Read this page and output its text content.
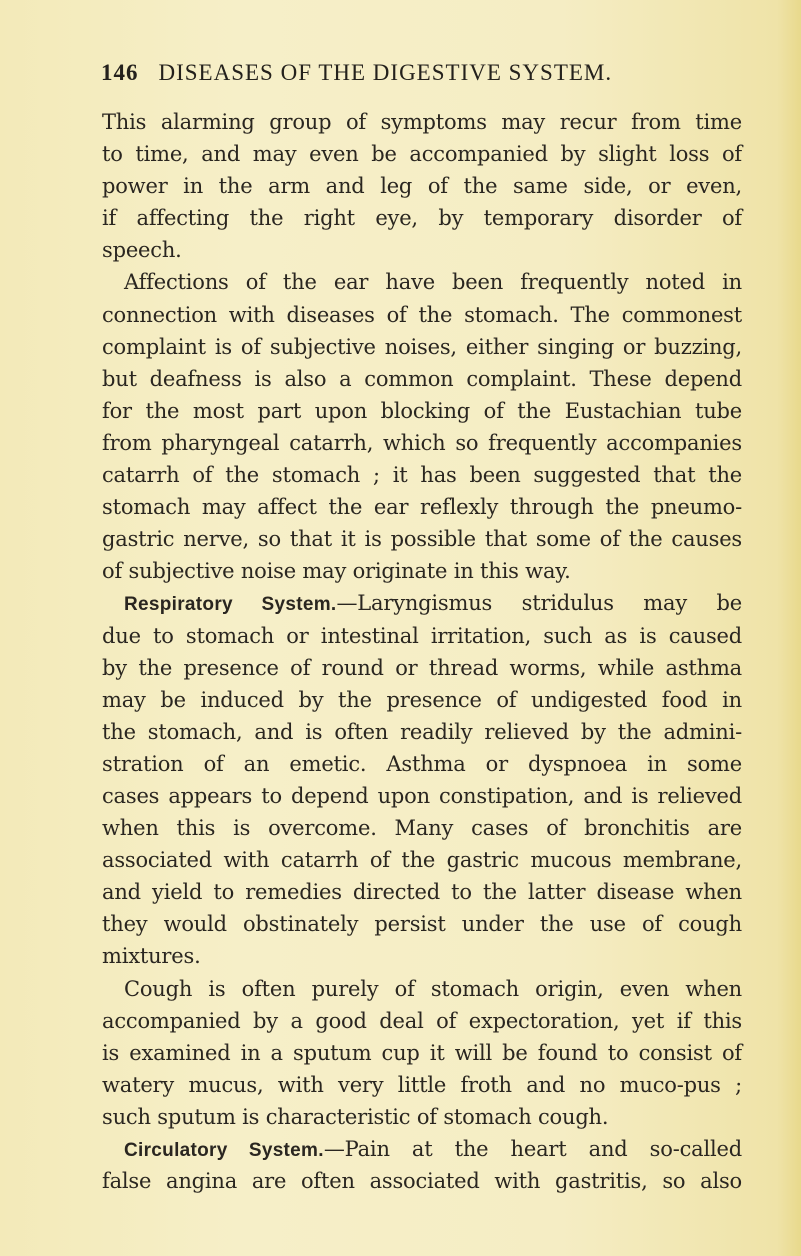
146 DISEASES OF THE DIGESTIVE SYSTEM.
This alarming group of symptoms may recur from time
to time, and may even be accompanied by slight loss of
power in the arm and leg of the same side, or even,
if affecting the right eye, by temporary disorder of
speech.
Affections of the ear have been frequently noted in
connection with diseases of the stomach. The commonest
complaint is of subjective noises, either singing or buzzing,
but deafness is also a common complaint. These depend
for the most part upon blocking of the Eustachian tube
from pharyngeal catarrh, which so frequently accompanies
catarrh of the stomach ; it has been suggested that the
stomach may affect the ear reflexly through the pneumo-
gastric nerve, so that it is possible that some of the causes
of subjective noise may originate in this way.
Respiratory System.—Laryngismus stridulus may be
due to stomach or intestinal irritation, such as is caused
by the presence of round or thread worms, while asthma
may be induced by the presence of undigested food in
the stomach, and is often readily relieved by the admini-
stration of an emetic. Asthma or dyspnoea in some
cases appears to depend upon constipation, and is relieved
when this is overcome. Many cases of bronchitis are
associated with catarrh of the gastric mucous membrane,
and yield to remedies directed to the latter disease when
they would obstinately persist under the use of cough
mixtures.
Cough is often purely of stomach origin, even when
accompanied by a good deal of expectoration, yet if this
is examined in a sputum cup it will be found to consist of
watery mucus, with very little froth and no muco-pus ;
such sputum is characteristic of stomach cough.
Circulatory System.—Pain at the heart and so-called
false angina are often associated with gastritis, so also
